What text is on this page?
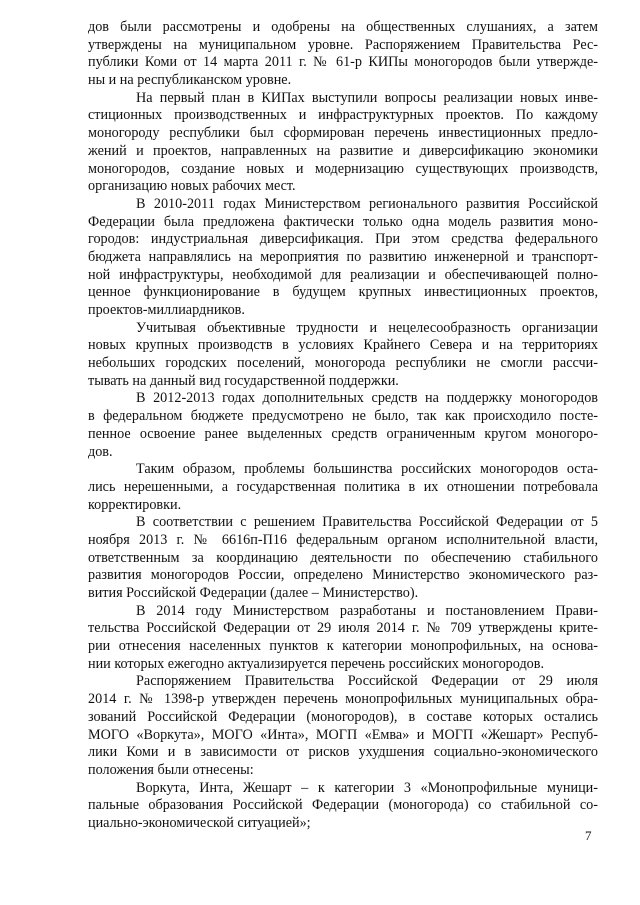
дов были рассмотрены и одобрены на общественных слушаниях, а затем
утверждены на муниципальном уровне. Распоряжением Правительства Рес-
публики Коми от 14 марта 2011 г. № 61-р КИПы моногородов были утвержде-
ны и на республиканском уровне.
На первый план в КИПах выступили вопросы реализации новых инве-
стиционных производственных и инфраструктурных проектов. По каждому
моногороду республики был сформирован перечень инвестиционных предло-
жений и проектов, направленных на развитие и диверсификацию экономики
моногородов, создание новых и модернизацию существующих производств,
организацию новых рабочих мест.
В 2010-2011 годах Министерством регионального развития Российской
Федерации была предложена фактически только одна модель развития моно-
городов: индустриальная диверсификация. При этом средства федерального
бюджета направлялись на мероприятия по развитию инженерной и транспорт-
ной инфраструктуры, необходимой для реализации и обеспечивающей полно-
ценное функционирование в будущем крупных инвестиционных проектов,
проектов-миллиардников.
Учитывая объективные трудности и нецелесообразность организации
новых крупных производств в условиях Крайнего Севера и на территориях
небольших городских поселений, моногорода республики не смогли рассчи-
тывать на данный вид государственной поддержки.
В 2012-2013 годах дополнительных средств на поддержку моногородов
в федеральном бюджете предусмотрено не было, так как происходило посте-
пенное освоение ранее выделенных средств ограниченным кругом моногоро-
дов.
Таким образом, проблемы большинства российских моногородов оста-
лись нерешенными, а государственная политика в их отношении потребовала
корректировки.
В соответствии с решением Правительства Российской Федерации от 5
ноября 2013 г. № 6616п-П16 федеральным органом исполнительной власти,
ответственным за координацию деятельности по обеспечению стабильного
развития моногородов России, определено Министерство экономического раз-
вития Российской Федерации (далее – Министерство).
В 2014 году Министерством разработаны и постановлением Прави-
тельства Российской Федерации от 29 июля 2014 г. № 709 утверждены крите-
рии отнесения населенных пунктов к категории монопрофильных, на основа-
нии которых ежегодно актуализируется перечень российских моногородов.
Распоряжением Правительства Российской Федерации от 29 июля
2014 г. № 1398-р утвержден перечень монопрофильных муниципальных обра-
зований Российской Федерации (моногородов), в составе которых остались
МОГО «Воркута», МОГО «Инта», МОГП «Емва» и МОГП «Жешарт» Респуб-
лики Коми и в зависимости от рисков ухудшения социально-экономического
положения были отнесены:
Воркута, Инта, Жешарт – к категории 3 «Монопрофильные муници-
пальные образования Российской Федерации (моногорода) со стабильной со-
циально-экономической ситуацией»;
7
